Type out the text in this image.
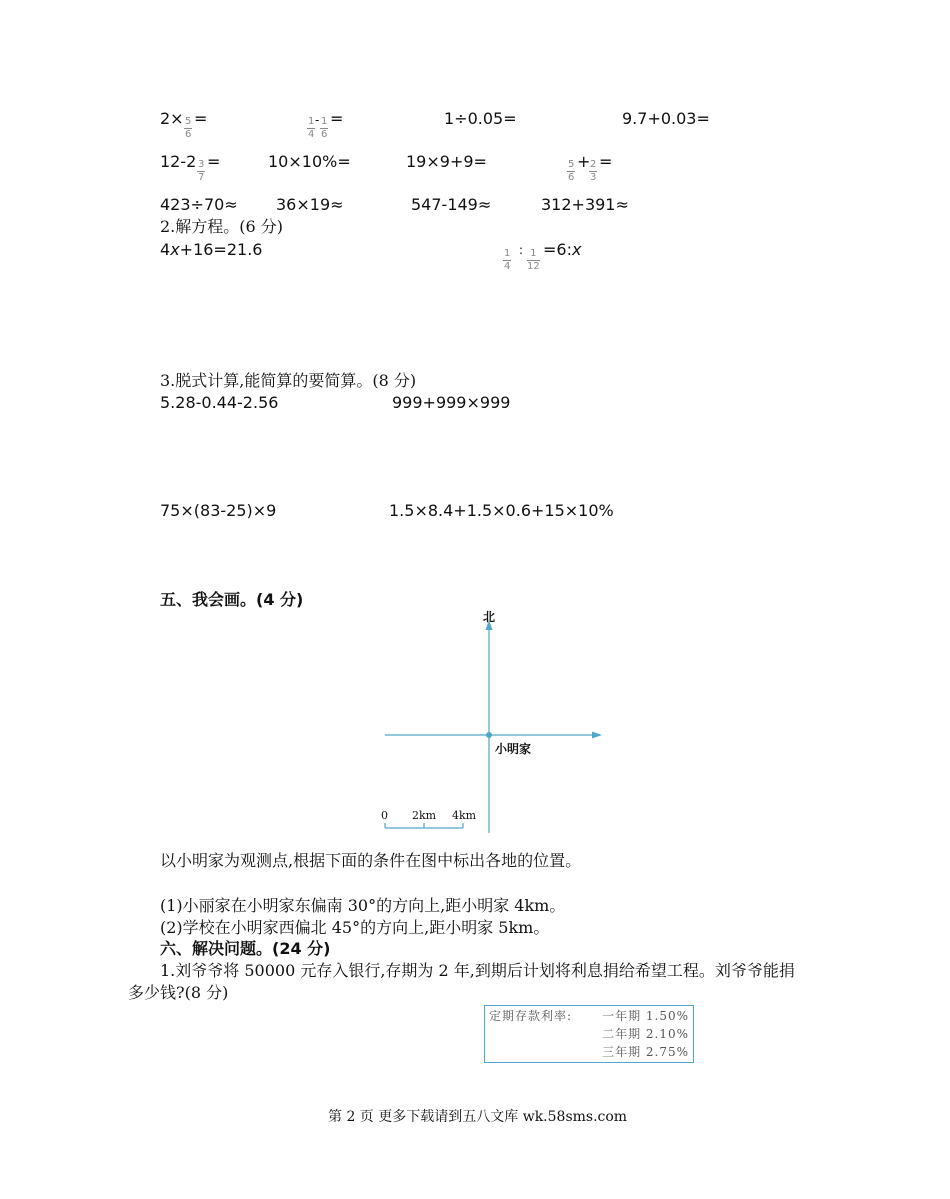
2× 5
6
=	1
4
- 1
6
=	1÷0.05=	9.7+0.03=
12-2 3
7
=	10×10%=	19×9+9=	5
6
+ 2
3
=
423÷70≈ 36×19≈	547-149≈	312+391≈
2.解方程。(6 分)
4x+16=21.6	1
4
: 1
12
=6:x
3.脱式计算,能简算的要简算。(8 分)
5.28-0.44-2.56	999+999×999
75×(83-25)×9	1.5×8.4+1.5×0.6+15×10%
五、我会画。(4 分)
北
小明家
0 2km 4km
以小明家为观测点,根据下面的条件在图中标出各地的位置。
(1)小丽家在小明家东偏南 30°的方向上,距小明家 4km。
(2)学校在小明家西偏北 45°的方向上,距小明家 5km。
六、解决问题。(24 分)
1.刘爷爷将 50000 元存入银行,存期为 2 年,到期后计划将利息捐给希望工程。刘爷爷能捐
多少钱?(8 分)
定期存款利率:	一年期 1.50%
二年期 2.10%
三年期 2.75%
第 2 页 更多下载请到五八文库 wk.58sms.com
